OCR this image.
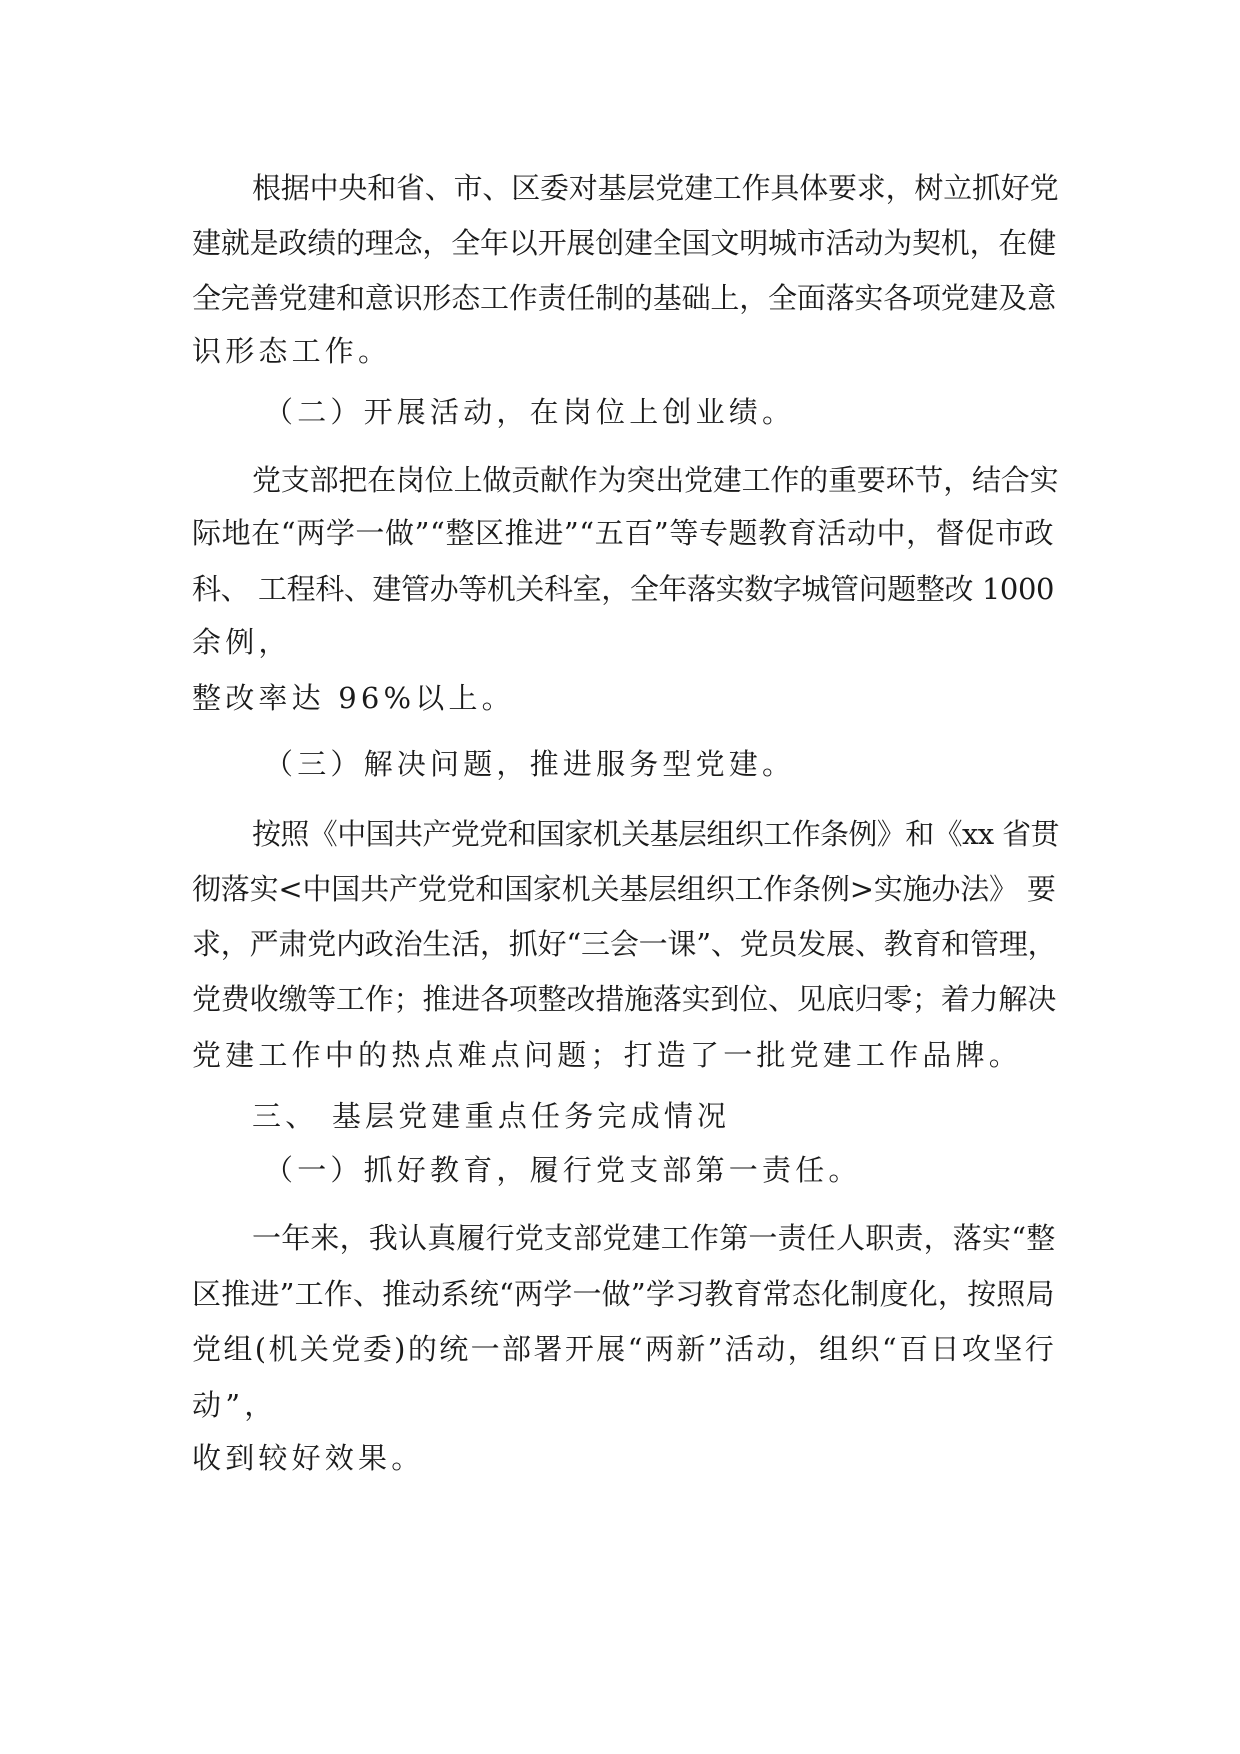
根据中央和省、市、区委对基层党建工作具体要求，树立抓好党
建就是政绩的理念，全年以开展创建全国文明城市活动为契机，在健
全完善党建和意识形态工作责任制的基础上，全面落实各项党建及意
识形态工作。
（二）开展活动，在岗位上创业绩。
党支部把在岗位上做贡献作为突出党建工作的重要环节，结合实
际地在“两学一做”“整区推进”“五百”等专题教育活动中，督促市政
科、 工程科、建管办等机关科室，全年落实数字城管问题整改 1000
余例，
整改率达 96%以上。
（三）解决问题，推进服务型党建。
按照《中国共产党党和国家机关基层组织工作条例》和《xx 省贯
彻落实<中国共产党党和国家机关基层组织工作条例>实施办法》 要
求，严肃党内政治生活，抓好“三会一课”、党员发展、教育和管理，
党费收缴等工作；推进各项整改措施落实到位、见底归零；着力解决
党建工作中的热点难点问题；打造了一批党建工作品牌。
三、 基层党建重点任务完成情况
（一）抓好教育，履行党支部第一责任。
一年来，我认真履行党支部党建工作第一责任人职责，落实“整
区推进”工作、推动系统“两学一做”学习教育常态化制度化，按照局
党组(机关党委)的统一部署开展“两新”活动，组织“百日攻坚行
动”，
收到较好效果。
